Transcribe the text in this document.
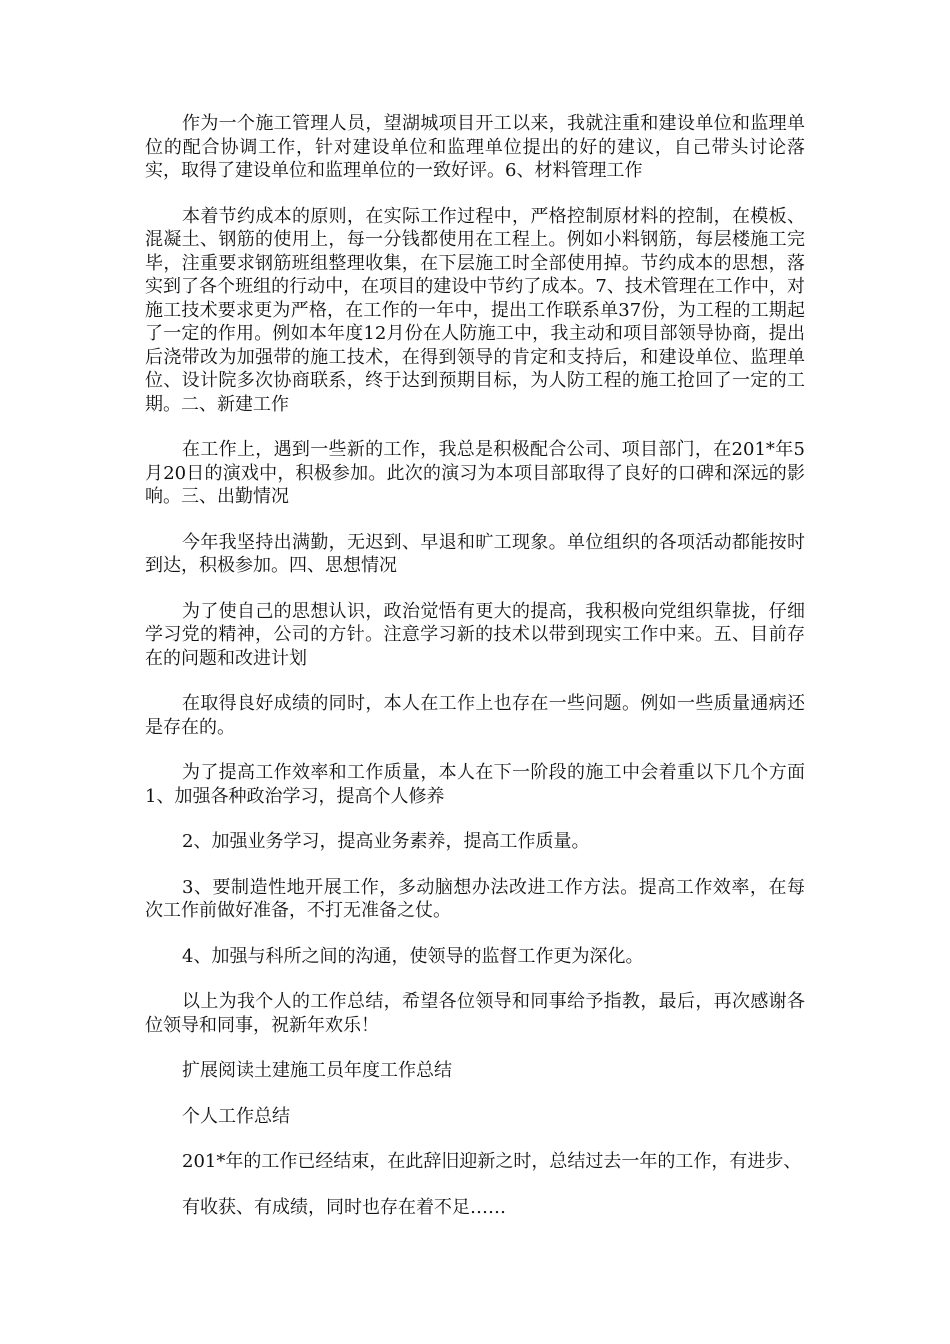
作为一个施工管理人员，望湖城项目开工以来，我就注重和建设单位和监理单位的配合协调工作，针对建设单位和监理单位提出的好的建议，自己带头讨论落实，取得了建设单位和监理单位的一致好评。6、材料管理工作

本着节约成本的原则，在实际工作过程中，严格控制原材料的控制，在模板、混凝土、钢筋的使用上，每一分钱都使用在工程上。例如小料钢筋，每层楼施工完毕，注重要求钢筋班组整理收集，在下层施工时全部使用掉。节约成本的思想，落实到了各个班组的行动中，在项目的建设中节约了成本。7、技术管理在工作中，对施工技术要求更为严格，在工作的一年中，提出工作联系单37份，为工程的工期起了一定的作用。例如本年度12月份在人防施工中，我主动和项目部领导协商，提出后浇带改为加强带的施工技术，在得到领导的肯定和支持后，和建设单位、监理单位、设计院多次协商联系，终于达到预期目标，为人防工程的施工抢回了一定的工期。二、新建工作

在工作上，遇到一些新的工作，我总是积极配合公司、项目部门，在201*年5月20日的演戏中，积极参加。此次的演习为本项目部取得了良好的口碑和深远的影响。三、出勤情况

今年我坚持出满勤，无迟到、早退和旷工现象。单位组织的各项活动都能按时到达，积极参加。四、思想情况

为了使自己的思想认识，政治觉悟有更大的提高，我积极向党组织靠拢，仔细学习党的精神，公司的方针。注意学习新的技术以带到现实工作中来。五、目前存在的问题和改进计划

在取得良好成绩的同时，本人在工作上也存在一些问题。例如一些质量通病还是存在的。

为了提高工作效率和工作质量，本人在下一阶段的施工中会着重以下几个方面1、加强各种政治学习，提高个人修养

2、加强业务学习，提高业务素养，提高工作质量。

3、要制造性地开展工作，多动脑想办法改进工作方法。提高工作效率，在每次工作前做好准备，不打无准备之仗。

4、加强与科所之间的沟通，使领导的监督工作更为深化。

以上为我个人的工作总结，希望各位领导和同事给予指教，最后，再次感谢各位领导和同事，祝新年欢乐！

扩展阅读土建施工员年度工作总结

个人工作总结

201*年的工作已经结束，在此辞旧迎新之时，总结过去一年的工作，有进步、

有收获、有成绩，同时也存在着不足……
